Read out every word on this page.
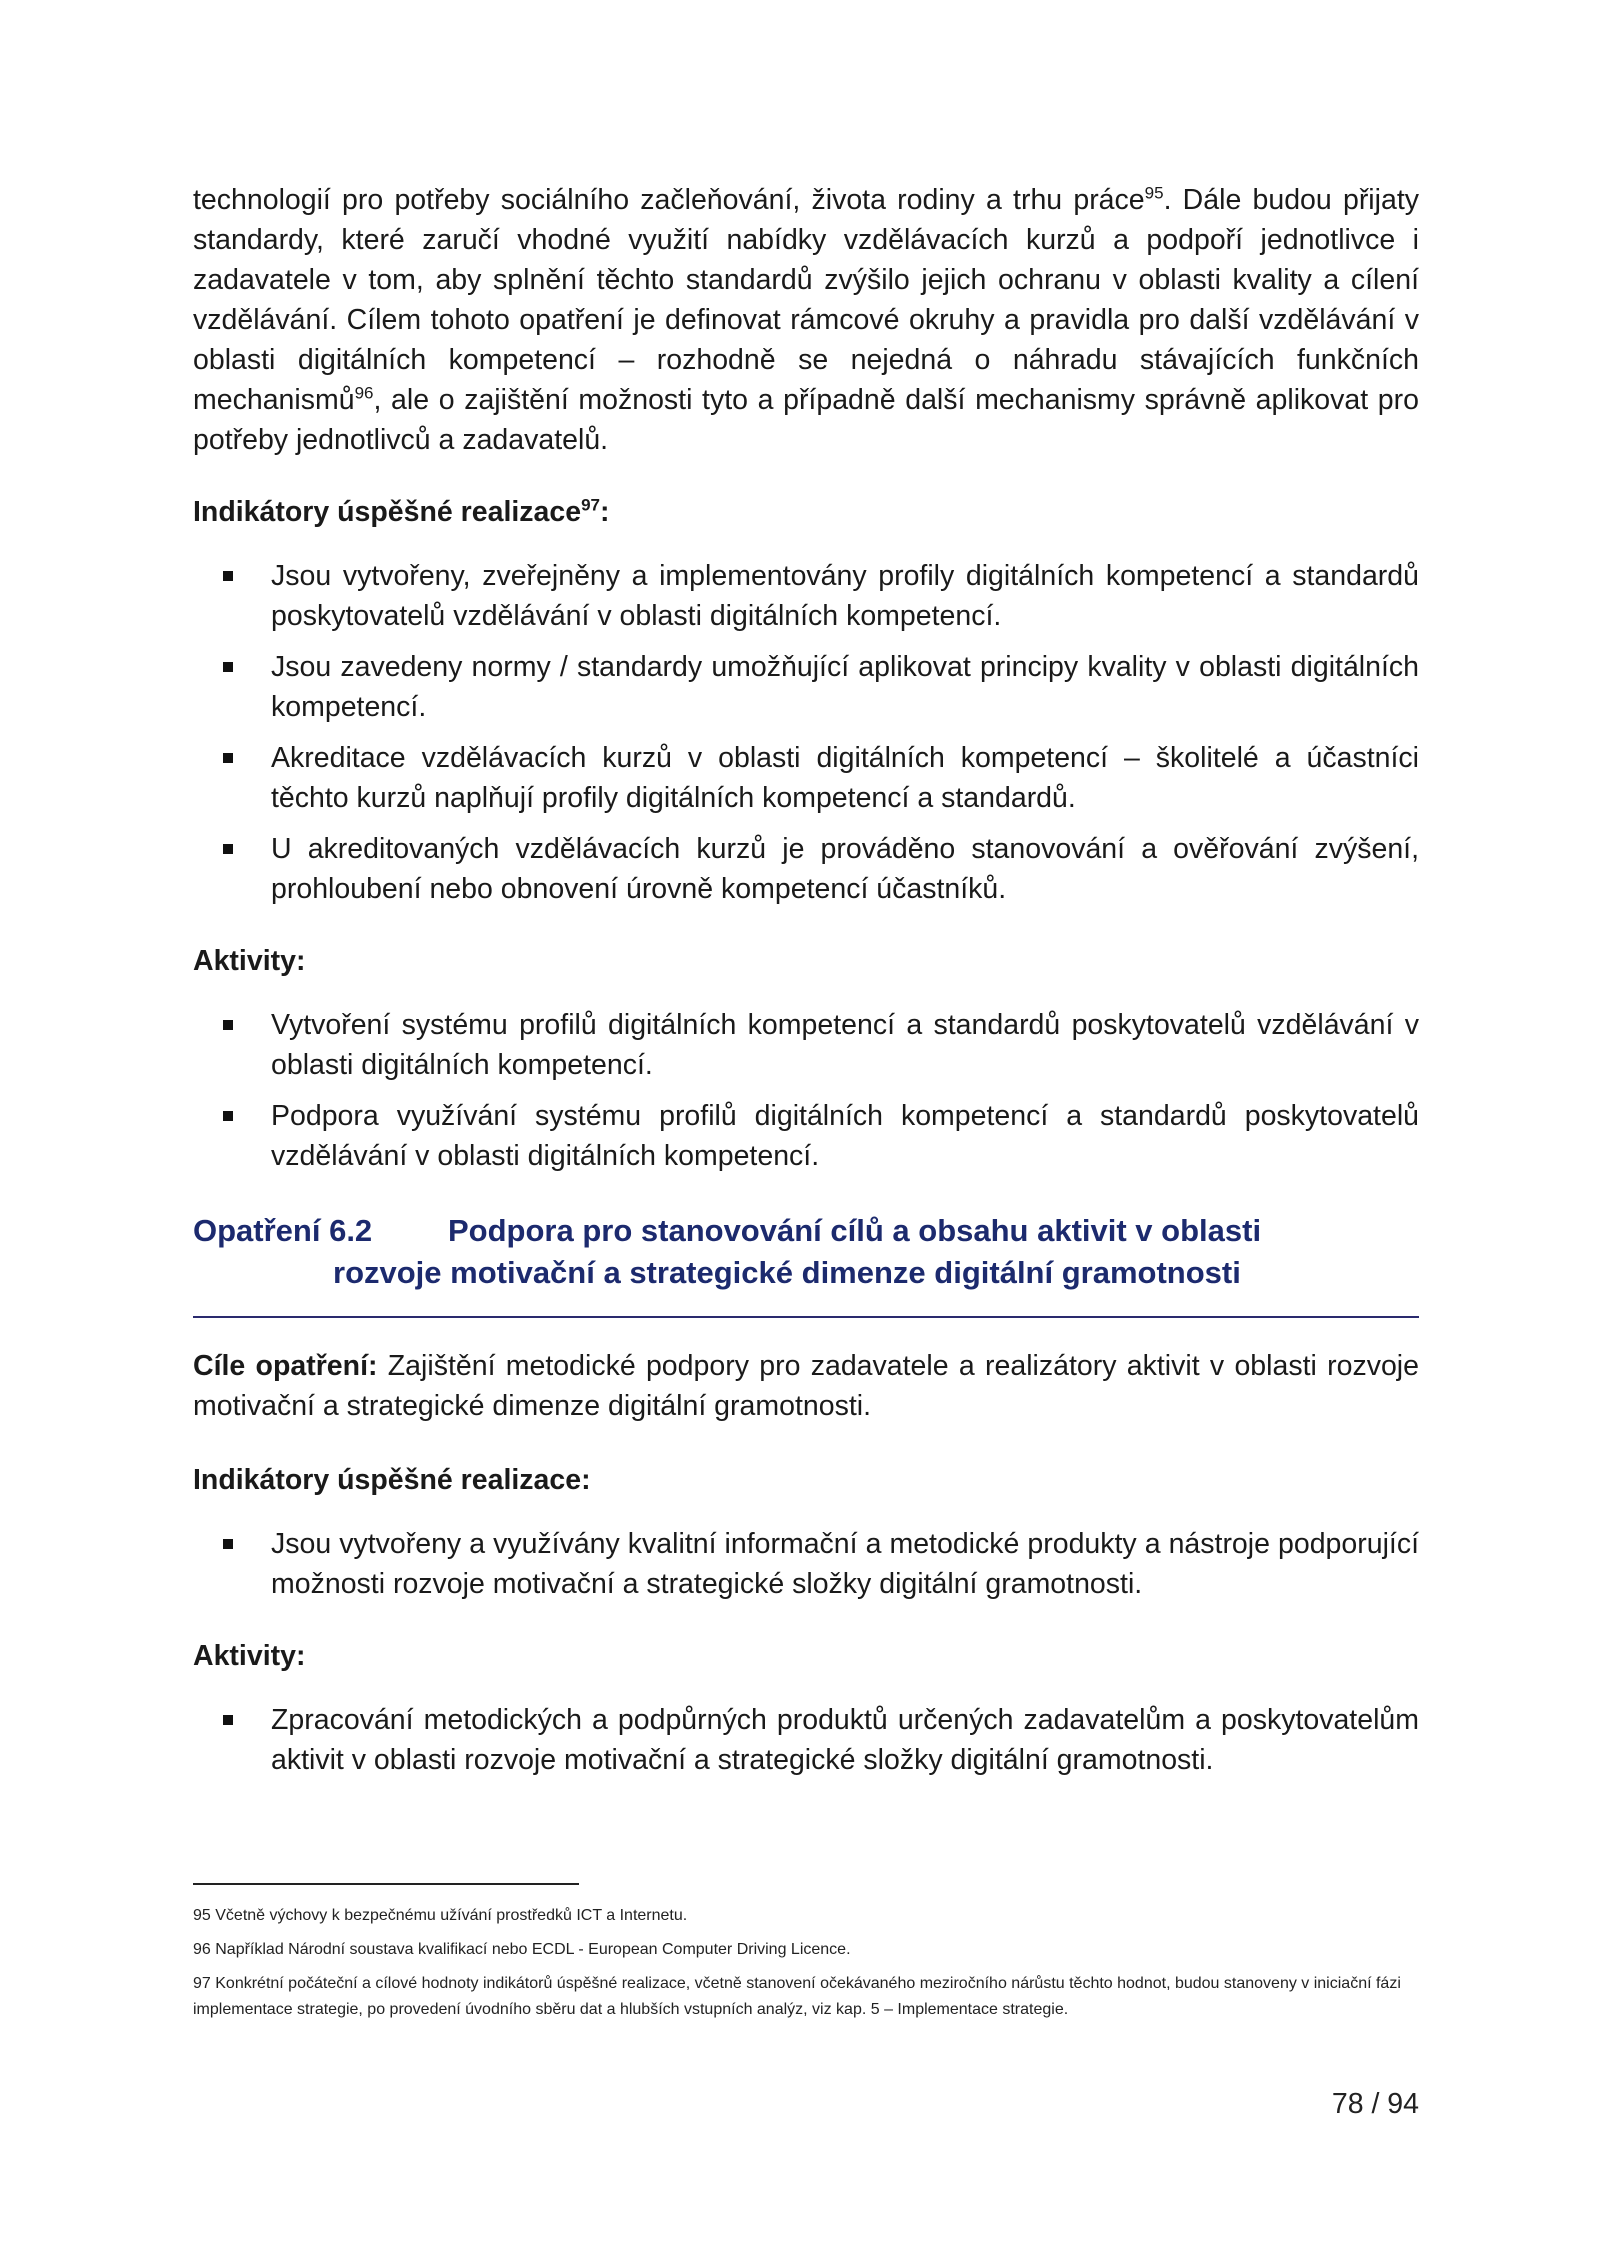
technologií pro potřeby sociálního začleňování, života rodiny a trhu práce$^{95}$. Dále budou přijaty standardy, které zaručí vhodné využití nabídky vzdělávacích kurzů a podpoří jednotlivce i zadavatele v tom, aby splnění těchto standardů zvýšilo jejich ochranu v oblasti kvality a cílení vzdělávání. Cílem tohoto opatření je definovat rámcové okruhy a pravidla pro další vzdělávání v oblasti digitálních kompetencí – rozhodně se nejedná o náhradu stávajících funkčních mechanismů$^{96}$, ale o zajištění možnosti tyto a případně další mechanismy správně aplikovat pro potřeby jednotlivců a zadavatelů.

Indikátory úspěšné realizace$^{97}$:

Jsou vytvořeny, zveřejněny a implementovány profily digitálních kompetencí a standardů poskytovatelů vzdělávání v oblasti digitálních kompetencí.
Jsou zavedeny normy / standardy umožňující aplikovat principy kvality v oblasti digitálních kompetencí.
Akreditace vzdělávacích kurzů v oblasti digitálních kompetencí – školitelé a účastníci těchto kurzů naplňují profily digitálních kompetencí a standardů.
U akreditovaných vzdělávacích kurzů je prováděno stanovování a ověřování zvýšení, prohloubení nebo obnovení úrovně kompetencí účastníků.

Aktivity:

Vytvoření systému profilů digitálních kompetencí a standardů poskytovatelů vzdělávání v oblasti digitálních kompetencí.
Podpora využívání systému profilů digitálních kompetencí a standardů poskytovatelů vzdělávání v oblasti digitálních kompetencí.
Opatření 6.2	Podpora pro stanovování cílů a obsahu aktivit v oblasti
rozvoje motivační a strategické dimenze digitální gramotnosti

Cíle opatření: Zajištění metodické podpory pro zadavatele a realizátory aktivit v oblasti rozvoje motivační a strategické dimenze digitální gramotnosti.

Indikátory úspěšné realizace:

Jsou vytvořeny a využívány kvalitní informační a metodické produkty a nástroje podporující možnosti rozvoje motivační a strategické složky digitální gramotnosti.

Aktivity:

Zpracování metodických a podpůrných produktů určených zadavatelům a poskytovatelům aktivit v oblasti rozvoje motivační a strategické složky digitální gramotnosti.

95 Včetně výchovy k bezpečnému užívání prostředků ICT a Internetu.

96 Například Národní soustava kvalifikací nebo ECDL - European Computer Driving Licence.

97 Konkrétní počáteční a cílové hodnoty indikátorů úspěšné realizace, včetně stanovení očekávaného meziročního nárůstu těchto hodnot, budou stanoveny v iniciační fázi implementace strategie, po provedení úvodního sběru dat a hlubších vstupních analýz, viz kap. 5 – Implementace strategie.

78 / 94
